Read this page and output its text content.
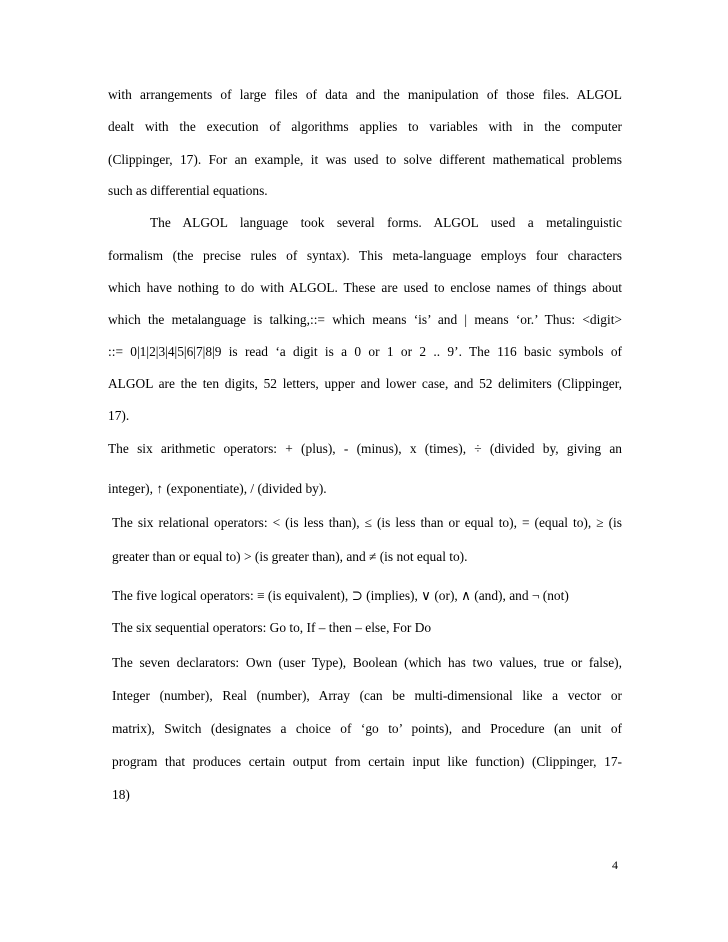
with arrangements of large files of data and the manipulation of those files. ALGOL
dealt with the execution of algorithms applies to variables with in the computer
(Clippinger, 17). For an example, it was used to solve different mathematical problems
such as differential equations.
The ALGOL language took several forms. ALGOL used a metalinguistic
formalism (the precise rules of syntax). This meta-language employs four characters
which have nothing to do with ALGOL. These are used to enclose names of things about
which the metalanguage is talking,::= which means ‘is’ and | means ‘or.’ Thus: <digit>
::= 0|1|2|3|4|5|6|7|8|9 is read ‘a digit is a 0 or 1 or 2 .. 9’. The 116 basic symbols of
ALGOL are the ten digits, 52 letters, upper and lower case, and 52 delimiters (Clippinger,
17).
The six arithmetic operators: + (plus), - (minus), x (times), ÷ (divided by, giving an
integer), ↑ (exponentiate), / (divided by).
The six relational operators: < (is less than), ≤ (is less than or equal to), = (equal to), ≥ (is
greater than or equal to) > (is greater than), and ≠ (is not equal to).
The five logical operators: ≡ (is equivalent), ⊃ (implies), ∨ (or), ∧ (and), and ¬ (not)
The six sequential operators: Go to, If – then – else, For Do
The seven declarators: Own (user Type), Boolean (which has two values, true or false),
Integer (number), Real (number), Array (can be multi-dimensional like a vector or
matrix), Switch (designates a choice of ‘go to’ points), and Procedure (an unit of
program that produces certain output from certain input like function) (Clippinger, 17-
18)
4
